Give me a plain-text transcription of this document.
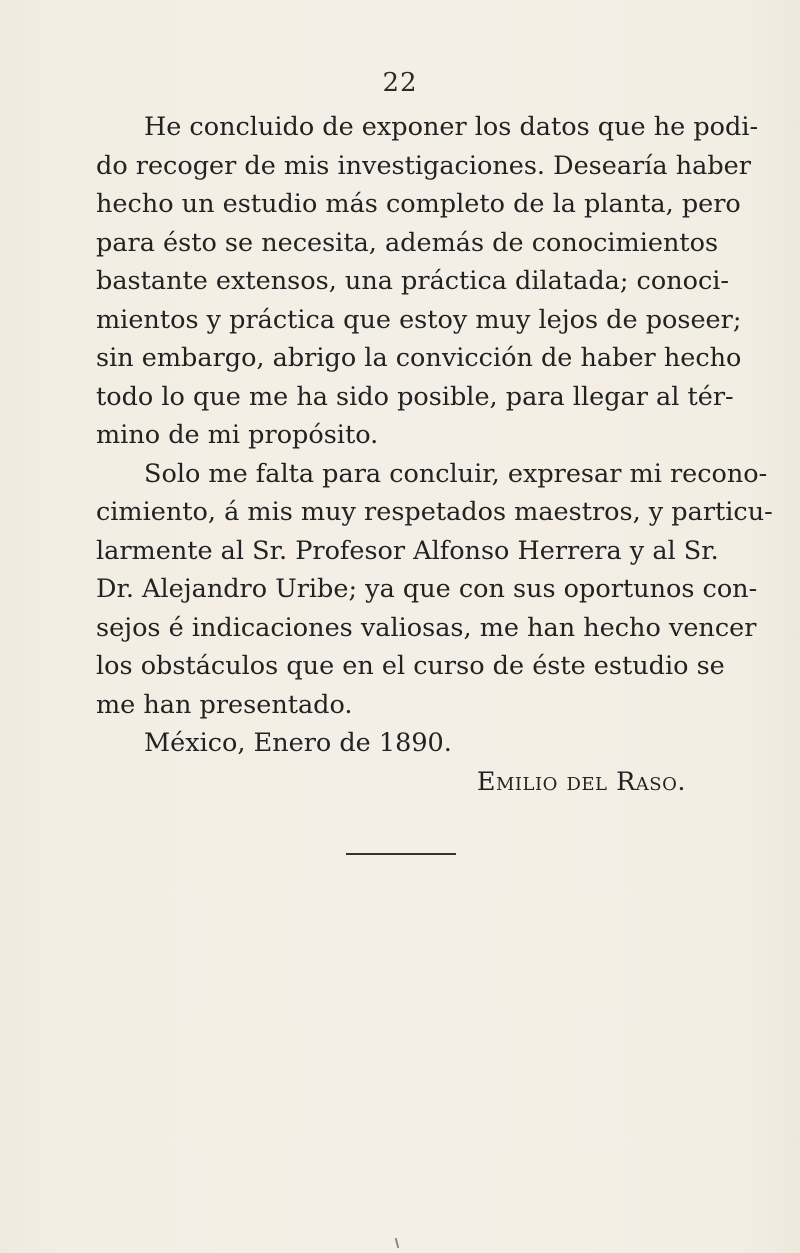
22
He concluido de exponer los datos que he podi-
do recoger de mis investigaciones. Desearía haber
hecho un estudio más completo de la planta, pero
para ésto se necesita, además de conocimientos
bastante extensos, una práctica dilatada; conoci-
mientos y práctica que estoy muy lejos de poseer;
sin embargo, abrigo la convicción de haber hecho
todo lo que me ha sido posible, para llegar al tér-
mino de mi propósito.
Solo me falta para concluir, expresar mi recono-
cimiento, á mis muy respetados maestros, y particu-
larmente al Sr. Profesor Alfonso Herrera y al Sr.
Dr. Alejandro Uribe; ya que con sus oportunos con-
sejos é indicaciones valiosas, me han hecho vencer
los obstáculos que en el curso de éste estudio se
me han presentado.
México, Enero de 1890.
Emilio del Raso.
